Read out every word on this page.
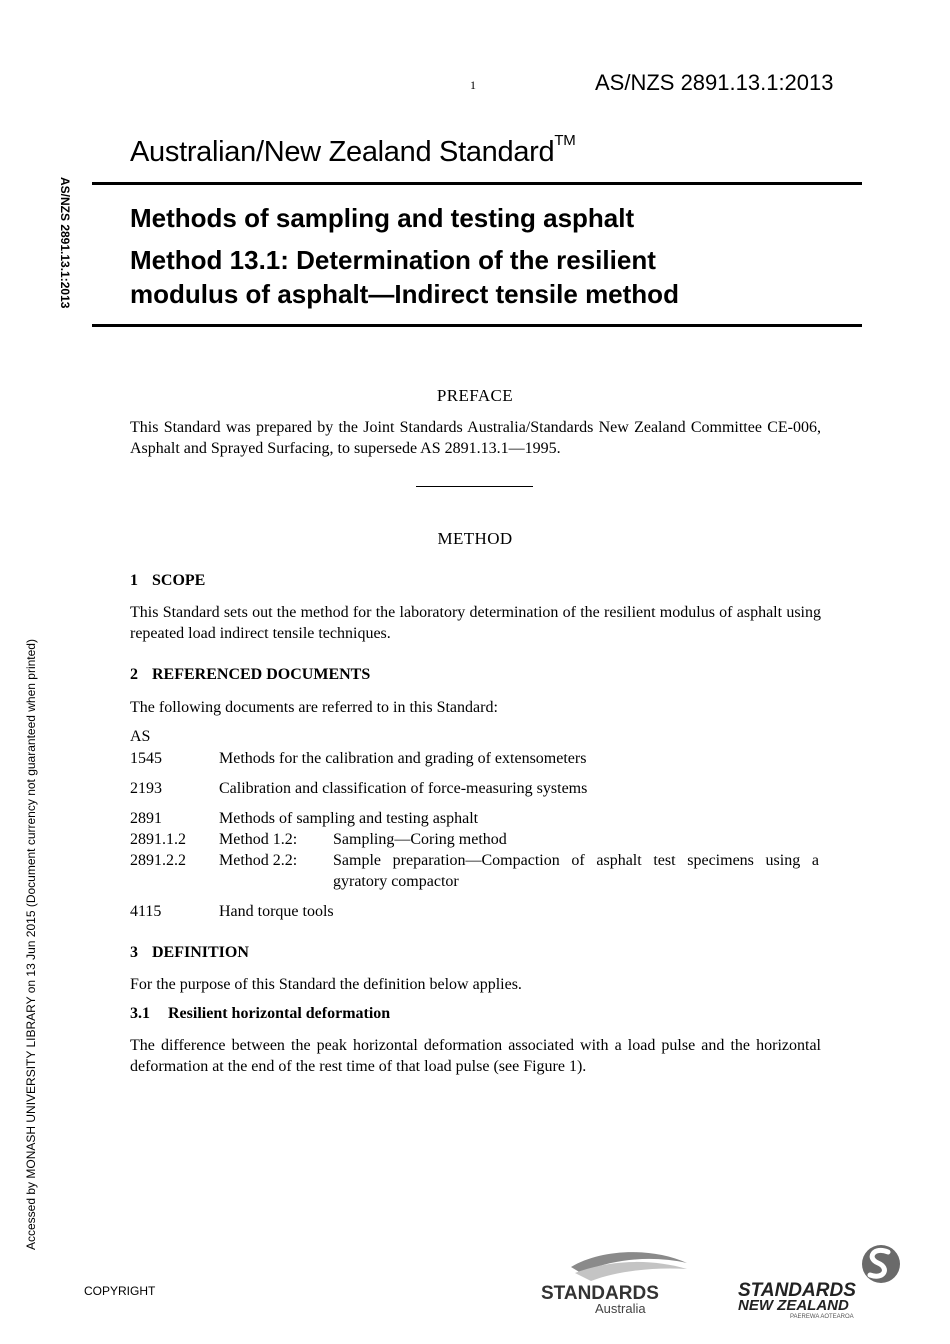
1	AS/NZS 2891.13.1:2013
Australian/New Zealand Standard™
Methods of sampling and testing asphalt
Method 13.1: Determination of the resilient
modulus of asphalt—Indirect tensile method
AS/NZS 2891.13.1:2013
Accessed by MONASH UNIVERSITY LIBRARY on 13 Jun 2015 (Document currency not guaranteed when printed)
PREFACE
This Standard was prepared by the Joint Standards Australia/Standards New Zealand Committee CE-006, Asphalt and Sprayed Surfacing, to supersede AS 2891.13.1—1995.
METHOD
1 SCOPE
This Standard sets out the method for the laboratory determination of the resilient modulus of asphalt using repeated load indirect tensile techniques.
2 REFERENCED DOCUMENTS
The following documents are referred to in this Standard:
AS
1545	Methods for the calibration and grading of extensometers
2193	Calibration and classification of force-measuring systems
2891	Methods of sampling and testing asphalt
2891.1.2 Method 1.2: Sampling—Coring method
2891.2.2 Method 2.2: Sample preparation—Compaction of asphalt test specimens using a gyratory compactor
4115	Hand torque tools
3 DEFINITION
For the purpose of this Standard the definition below applies.
3.1 Resilient horizontal deformation
The difference between the peak horizontal deformation associated with a load pulse and the horizontal deformation at the end of the rest time of that load pulse (see Figure 1).
COPYRIGHT	STANDARDS
Australia
STANDARDS
NEW ZEALAND
PAEREWA AOTEAROA
